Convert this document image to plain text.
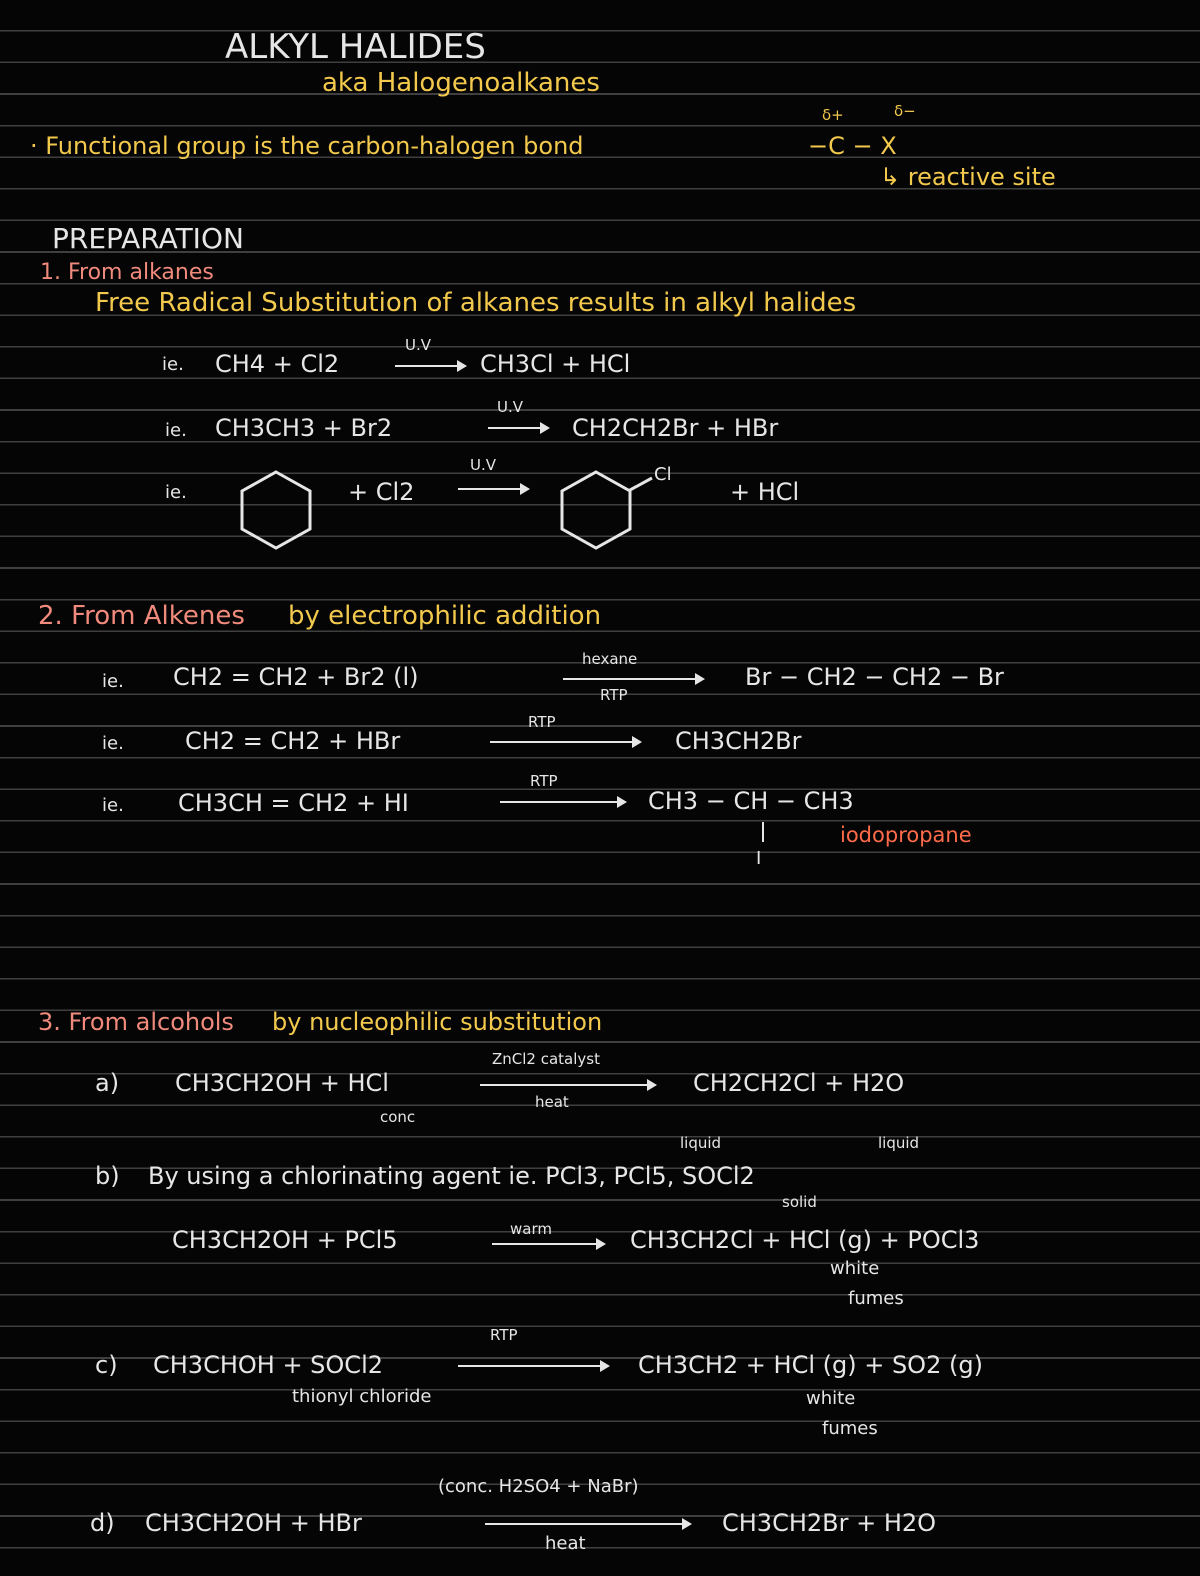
ALKYL HALIDES
aka Halogenoalkanes
· Functional group is the carbon-halogen bond
δ+	δ−
−C − X
↳ reactive site
PREPARATION
1. From alkanes
Free Radical Substitution of alkanes results in alkyl halides
ie. CH4 + Cl2
U.V
CH3Cl + HCl
ie. CH3CH3 + Br2
U.V
→ CH2CH2Br + HBr
ie.	+ Cl2
U.V	Cl
+ HCl
2. From Alkenes by electrophilic addition
ie. CH2 = CH2 + Br2 (l)
hexane
RTP
Br − CH2 − CH2 − Br
ie.	CH2 = CH2 + HBr
RTP
CH3CH2Br
ie. CH3CH = CH2 + HI
RTP
CH3 − CH − CH3
I
iodopropane
3. From alcohols by nucleophilic substitution
a) CH3CH2OH + HCl
conc
ZnCl2 catalyst
heat
CH2CH2Cl + H2O
liquid	liquid
b) By using a chlorinating agent ie. PCl3, PCl5, SOCl2
solid
CH3CH2OH + PCl5	warm	CH3CH2Cl + HCl (g) + POCl3
white
fumes
RTP
c) CH3CHOH + SOCl2
thionyl chloride
CH3CH2 + HCl (g) + SO2 (g)
white
fumes
(conc. H2SO4 + NaBr)
d) CH3CH2OH + HBr
heat
CH3CH2Br + H2O
